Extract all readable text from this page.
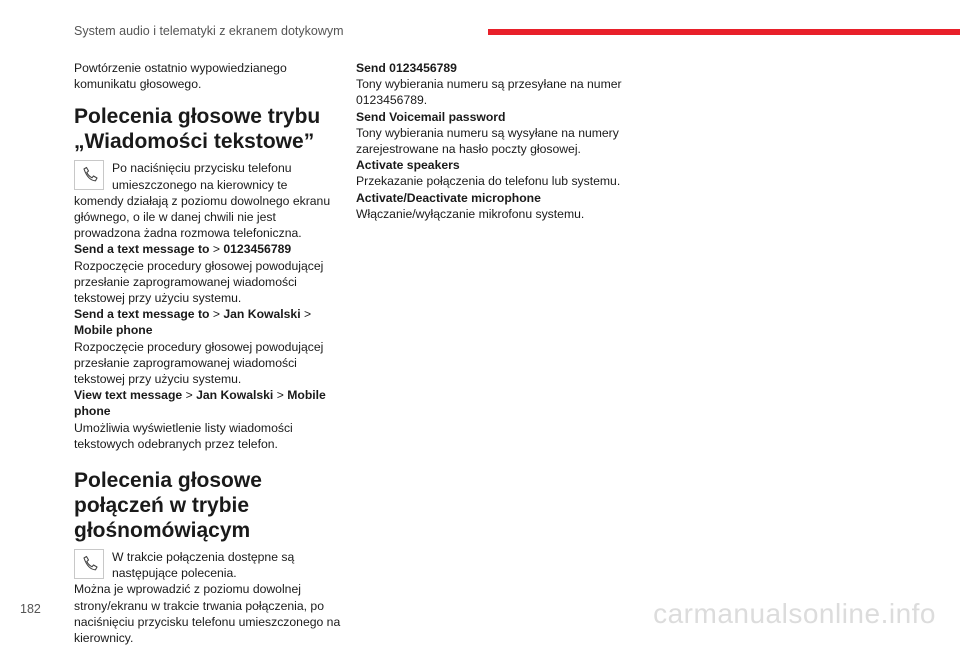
System audio i telematyki z ekranem dotykowym

Powtórzenie ostatnio wypowiedzianego komunikatu głosowego.

Polecenia głosowe trybu „Wiadomości tekstowe”

Po naciśnięciu przycisku telefonu umieszczonego na kierownicy te

komendy działają z poziomu dowolnego ekranu głównego, o ile w danej chwili nie jest prowadzona żadna rozmowa telefoniczna.

Send a text message to > 0123456789

Rozpoczęcie procedury głosowej powodującej przesłanie zaprogramowanej wiadomości tekstowej przy użyciu systemu.

Send a text message to > Jan Kowalski > Mobile phone

Rozpoczęcie procedury głosowej powodującej przesłanie zaprogramowanej wiadomości tekstowej przy użyciu systemu.

View text message > Jan Kowalski > Mobile phone

Umożliwia wyświetlenie listy wiadomości tekstowych odebranych przez telefon.

Polecenia głosowe połączeń w trybie głośnomówiącym

W trakcie połączenia dostępne są następujące polecenia.

Można je wprowadzić z poziomu dowolnej strony/ekranu w trakcie trwania połączenia, po naciśnięciu przycisku telefonu umieszczonego na kierownicy.

Send 0123456789

Tony wybierania numeru są przesyłane na numer 0123456789.

Send Voicemail password

Tony wybierania numeru są wysyłane na numery zarejestrowane na hasło poczty głosowej.

Activate speakers

Przekazanie połączenia do telefonu lub systemu.

Activate/Deactivate microphone

Włączanie/wyłączanie mikrofonu systemu.

182	carmanualsonline.info
